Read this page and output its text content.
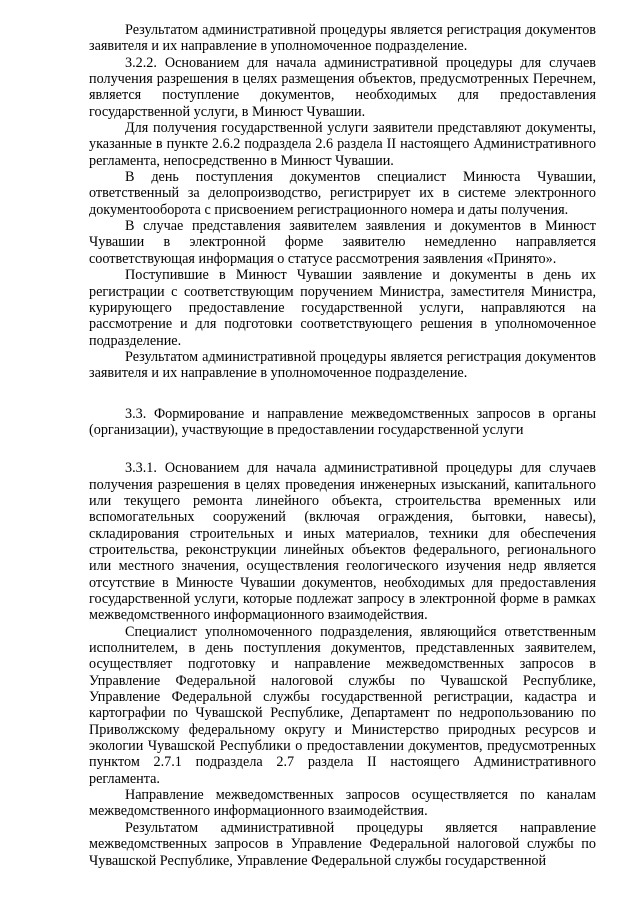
Результатом административной процедуры является регистрация документов заявителя и их направление в уполномоченное подразделение.

3.2.2. Основанием для начала административной процедуры для случаев получения разрешения в целях размещения объектов, предусмотренных Перечнем, является поступление документов, необходимых для предоставления государственной услуги, в Минюст Чувашии.

Для получения государственной услуги заявители представляют документы, указанные в пункте 2.6.2 подраздела 2.6 раздела II настоящего Административного регламента, непосредственно в Минюст Чувашии.

В день поступления документов специалист Минюста Чувашии, ответственный за делопроизводство, регистрирует их в системе электронного документооборота с присвоением регистрационного номера и даты получения.

В случае представления заявителем заявления и документов в Минюст Чувашии в электронной форме заявителю немедленно направляется соответствующая информация о статусе рассмотрения заявления «Принято».

Поступившие в Минюст Чувашии заявление и документы в день их регистрации с соответствующим поручением Министра, заместителя Министра, курирующего предоставление государственной услуги, направляются на рассмотрение и для подготовки соответствующего решения в уполномоченное подразделение.

Результатом административной процедуры является регистрация документов заявителя и их направление в уполномоченное подразделение.

3.3. Формирование и направление межведомственных запросов в органы (организации), участвующие в предоставлении государственной услуги

3.3.1. Основанием для начала административной процедуры для случаев получения разрешения в целях проведения инженерных изысканий, капитального или текущего ремонта линейного объекта, строительства временных или вспомогательных сооружений (включая ограждения, бытовки, навесы), складирования строительных и иных материалов, техники для обеспечения строительства, реконструкции линейных объектов федерального, регионального или местного значения, осуществления геологического изучения недр является отсутствие в Минюсте Чувашии документов, необходимых для предоставления государственной услуги, которые подлежат запросу в электронной форме в рамках межведомственного информационного взаимодействия.

Специалист уполномоченного подразделения, являющийся ответственным исполнителем, в день поступления документов, представленных заявителем, осуществляет подготовку и направление межведомственных запросов в Управление Федеральной налоговой службы по Чувашской Республике, Управление Федеральной службы государственной регистрации, кадастра и картографии по Чувашской Республике, Департамент по недропользованию по Приволжскому федеральному округу и Министерство природных ресурсов и экологии Чувашской Республики о предоставлении документов, предусмотренных пунктом 2.7.1 подраздела 2.7 раздела II настоящего Административного регламента.

Направление межведомственных запросов осуществляется по каналам межведомственного информационного взаимодействия.

Результатом административной процедуры является направление межведомственных запросов в Управление Федеральной налоговой службы по Чувашской Республике, Управление Федеральной службы государственной
